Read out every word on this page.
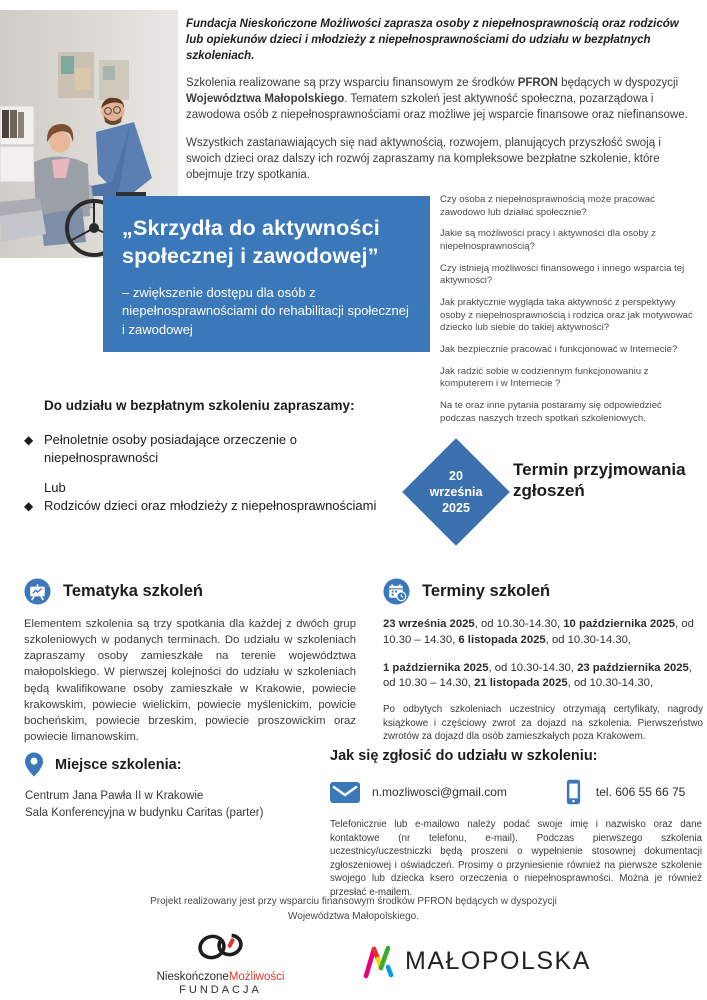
Fundacja Nieskończone Możliwości zaprasza osoby z niepełnosprawnością oraz rodziców lub opiekunów dzieci i młodzieży z niepełnosprawnościami do udziału w bezpłatnych szkoleniach.

Szkolenia realizowane są przy wsparciu finansowym ze środków PFRON będących w dyspozycji Województwa Małopolskiego. Tematem szkoleń jest aktywność społeczna, pozarządowa i zawodowa osób z niepełnosprawnościami oraz możliwe jej wsparcie finansowe oraz niefinansowe.

Wszystkich zastanawiających się nad aktywnością, rozwojem, planujących przyszłość swoją i swoich dzieci oraz dalszy ich rozwój zapraszamy na kompleksowe bezpłatne szkolenie, które obejmuje trzy spotkania.

„Skrzydła do aktywności społecznej i zawodowej”
– zwiększenie dostępu dla osób z niepełnosprawnościami do rehabilitacji społecznej i zawodowej
Czy osoba z niepełnosprawnością może pracować zawodowo lub działać społecznie?
Jakie są możliwości pracy i aktywności dla osoby z niepełnosprawnością?
Czy istnieją możliwości finansowego i innego wsparcia tej aktywności?
Jak praktycznie wygląda taka aktywność z perspektywy osoby z niepełnosprawnością i rodzica oraz jak motywować dziecko lub siebie do takiej aktywności?
Jak bezpiecznie pracować i funkcjonować w Internecie?
Jak radzić sobie w codziennym funkcjonowaniu z komputerem i w Internecie ?
Na te oraz inne pytania postaramy się odpowiedzieć podczas naszych trzech spotkań szkoleniowych.
Do udziału w bezpłatnym szkoleniu zapraszamy:
◆ Pełnoletnie osoby posiadające orzeczenie o niepełnosprawności
Lub
◆ Rodziców dzieci oraz młodzieży z niepełnosprawnościami
20
września
2025
Termin przyjmowania zgłoszeń
Tematyka szkoleń
Elementem szkolenia są trzy spotkania dla każdej z dwóch grup szkoleniowych w podanych terminach. Do udziału w szkoleniach zapraszamy osoby zamieszkałe na terenie województwa małopolskiego. W pierwszej kolejności do udziału w szkoleniach będą kwalifikowane osoby zamieszkałe w Krakowie, powiecie krakowskim, powiecie wielickim, powiecie myślenickim, powicie bocheńskim, powiecie brzeskim, powiecie proszowickim oraz powiecie limanowskim.
Terminy szkoleń
23 września 2025, od 10.30-14.30, 10 października 2025, od 10.30 – 14.30, 6 listopada 2025, od 10.30-14.30,
1 października 2025, od 10.30-14.30, 23 października 2025, od 10.30 – 14.30, 21 listopada 2025, od 10.30-14.30,
Po odbytych szkoleniach uczestnicy otrzymają certyfikaty, nagrody książkowe i częściowy zwrot za dojazd na szkolenia. Pierwszeństwo zwrotów za dojazd dla osób zamieszkałych poza Krakowem.
Miejsce szkolenia:
Centrum Jana Pawła II w Krakowie
Sala Konferencyjna w budynku Caritas (parter)
Jak się zgłosić do udziału w szkoleniu:
n.mozliwosci@gmail.com	tel. 606 55 66 75
Telefonicznie lub e-mailowo należy podać swoje imię i nazwisko oraz dane kontaktowe (nr telefonu, e-mail). Podczas pierwszego szkolenia uczestnicy/uczestniczki będą proszeni o wypełnienie stosownej dokumentacji zgłoszeniowej i oświadczeń. Prosimy o przyniesienie również na pierwsze szkolenie swojego lub dziecka ksero orzeczenia o niepełnosprawności. Można je również przesłać e-mailem.
Projekt realizowany jest przy wsparciu finansowym środków PFRON będących w dyspozycji
Województwa Małopolskiego.
NieskończoneMożliwości
FUNDACJA
MAŁOPOLSKA
